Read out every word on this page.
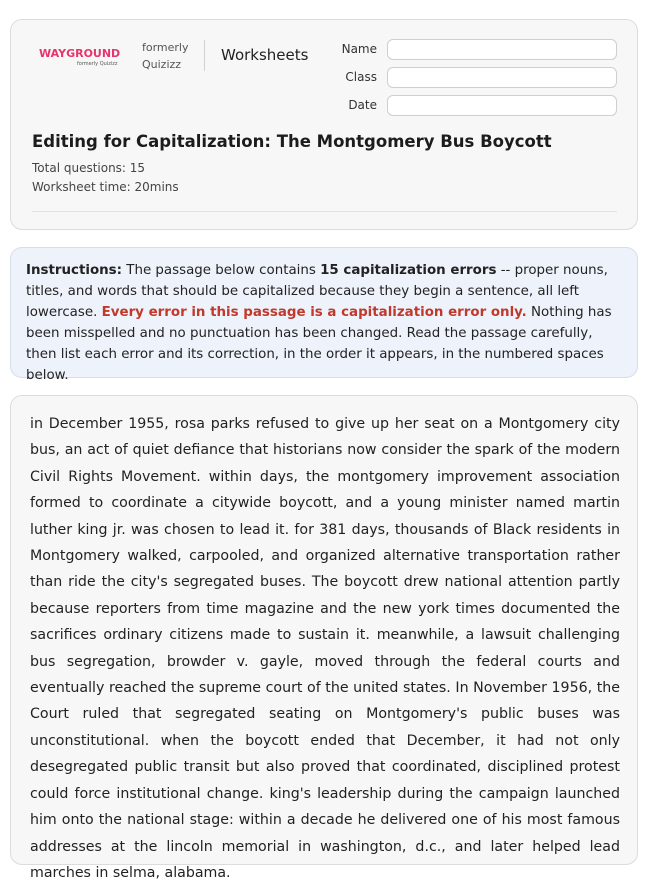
WAYGROUND
formerly Quizizz
formerly
Quizizz
Worksheets	Name
Class
Date
Editing for Capitalization: The Montgomery Bus Boycott
Total questions: 15
Worksheet time: 20mins
Instructions: The passage below contains 15 capitalization errors -- proper nouns, titles, and words that should be capitalized because they begin a sentence, all left lowercase. Every error in this passage is a capitalization error only. Nothing has been misspelled and no punctuation has been changed. Read the passage carefully, then list each error and its correction, in the order it appears, in the numbered spaces below.
in December 1955, rosa parks refused to give up her seat on a Montgomery city bus, an act of quiet defiance that historians now consider the spark of the modern Civil Rights Movement. within days, the montgomery improvement association formed to coordinate a citywide boycott, and a young minister named martin luther king jr. was chosen to lead it. for 381 days, thousands of Black residents in Montgomery walked, carpooled, and organized alternative transportation rather than ride the city's segregated buses. The boycott drew national attention partly because reporters from time magazine and the new york times documented the sacrifices ordinary citizens made to sustain it. meanwhile, a lawsuit challenging bus segregation, browder v. gayle, moved through the federal courts and eventually reached the supreme court of the united states. In November 1956, the Court ruled that segregated seating on Montgomery's public buses was unconstitutional. when the boycott ended that December, it had not only desegregated public transit but also proved that coordinated, disciplined protest could force institutional change. king's leadership during the campaign launched him onto the national stage: within a decade he delivered one of his most famous addresses at the lincoln memorial in washington, d.c., and later helped lead marches in selma, alabama.
